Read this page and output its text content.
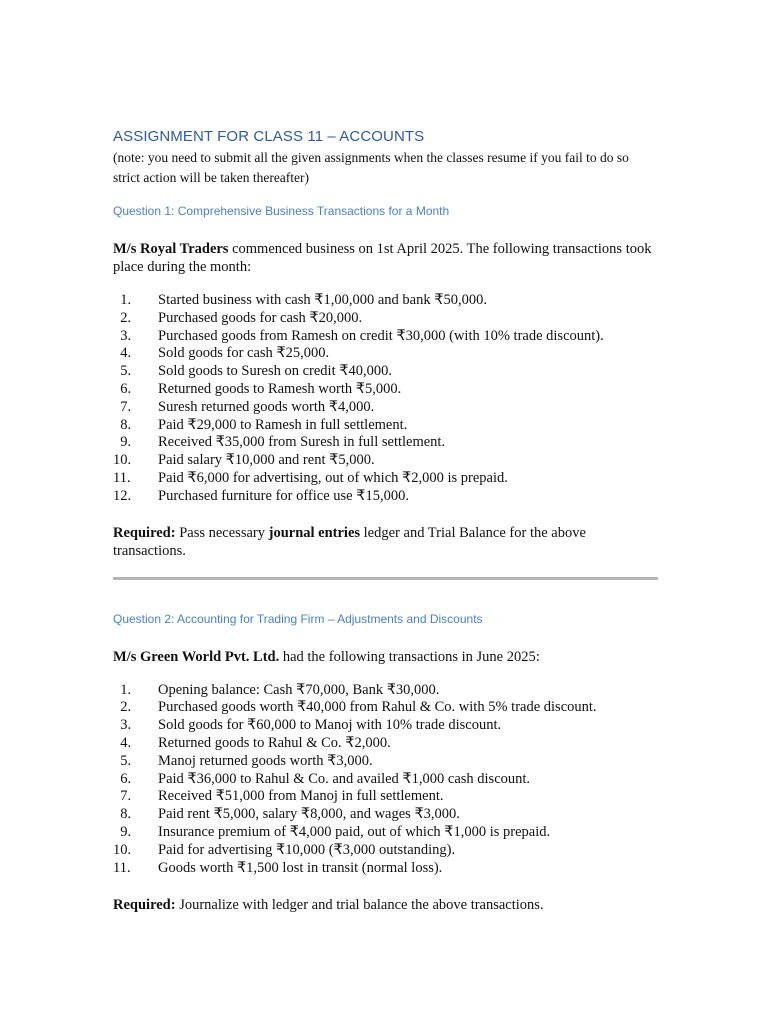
ASSIGNMENT FOR CLASS 11 – ACCOUNTS

(note: you need to submit all the given assignments when the classes resume if you fail to do so strict action will be taken thereafter)

Question 1: Comprehensive Business Transactions for a Month

M/s Royal Traders commenced business on 1st April 2025. The following transactions took place during the month:

1.	Started business with cash ₹1,00,000 and bank ₹50,000.
2.	Purchased goods for cash ₹20,000.
3.	Purchased goods from Ramesh on credit ₹30,000 (with 10% trade discount).
4.	Sold goods for cash ₹25,000.
5.	Sold goods to Suresh on credit ₹40,000.
6.	Returned goods to Ramesh worth ₹5,000.
7.	Suresh returned goods worth ₹4,000.
8.	Paid ₹29,000 to Ramesh in full settlement.
9.	Received ₹35,000 from Suresh in full settlement.
10.	Paid salary ₹10,000 and rent ₹5,000.
11.	Paid ₹6,000 for advertising, out of which ₹2,000 is prepaid.
12.	Purchased furniture for office use ₹15,000.

Required: Pass necessary journal entries ledger and Trial Balance for the above transactions.

Question 2: Accounting for Trading Firm – Adjustments and Discounts

M/s Green World Pvt. Ltd. had the following transactions in June 2025:

1.	Opening balance: Cash ₹70,000, Bank ₹30,000.
2.	Purchased goods worth ₹40,000 from Rahul & Co. with 5% trade discount.
3.	Sold goods for ₹60,000 to Manoj with 10% trade discount.
4.	Returned goods to Rahul & Co. ₹2,000.
5.	Manoj returned goods worth ₹3,000.
6.	Paid ₹36,000 to Rahul & Co. and availed ₹1,000 cash discount.
7.	Received ₹51,000 from Manoj in full settlement.
8.	Paid rent ₹5,000, salary ₹8,000, and wages ₹3,000.
9.	Insurance premium of ₹4,000 paid, out of which ₹1,000 is prepaid.
10.	Paid for advertising ₹10,000 (₹3,000 outstanding).
11.	Goods worth ₹1,500 lost in transit (normal loss).

Required: Journalize with ledger and trial balance the above transactions.
